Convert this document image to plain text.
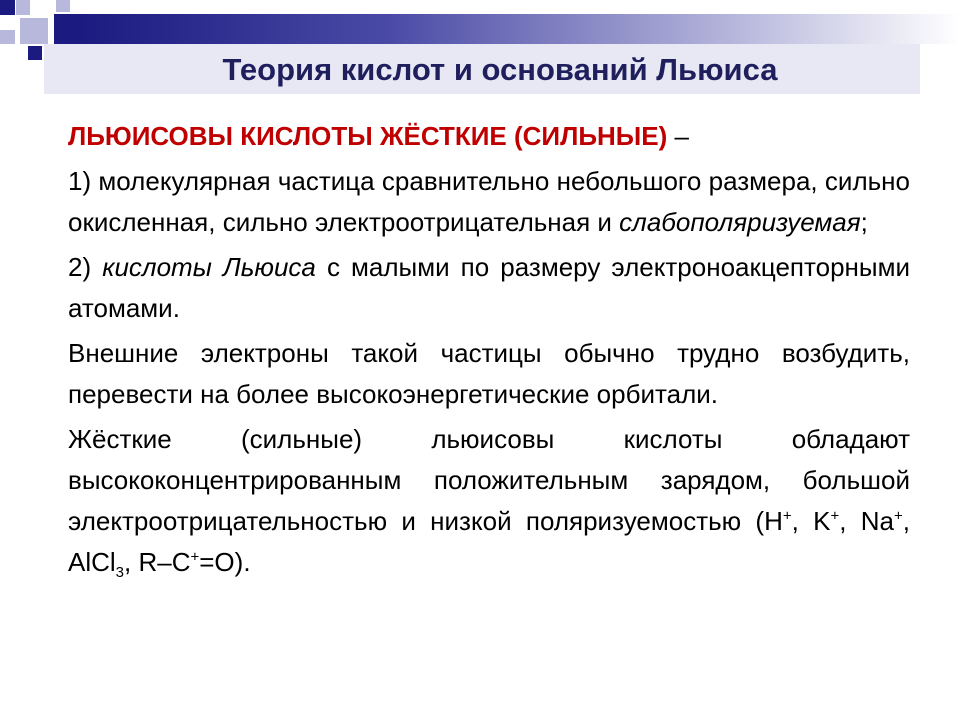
Теория кислот и оснований Льюиса

ЛЬЮИСОВЫ КИСЛОТЫ ЖЁСТКИЕ (СИЛЬНЫЕ) –

1) молекулярная частица сравнительно небольшого размера, сильно окисленная, сильно электроотрицательная и слабополяризуемая;

2) кислоты Льюиса с малыми по размеру электроноакцепторными атомами.

Внешние электроны такой частицы обычно трудно возбудить, перевести на более высокоэнергетические орбитали.

Жёсткие (сильные) льюисовы кислоты обладают высококонцентрированным положительным зарядом, большой электроотрицательностью и низкой поляризуемостью (H+, K+, Na+, AlCl$_3$, R–C+=O).
